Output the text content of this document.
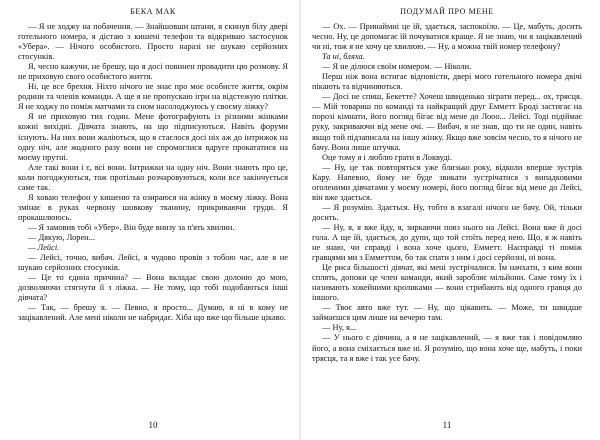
БЕКА МАК

— Я не ходжу на побачення. — Знайшовши штани, я скинув білу двері готельного номера, я дістаю з кишені телефон та відкриваю застосунок «Убера». — Нічого особистого. Просто наразі не шукаю серйозних стосунків.

Я, чесно кажучи, не брешу, що я досі повинен провадити цю розмову. Я не приховую свого особистого життя.

Ні, це все брехня. Ніхто нічого не знає про моє особисте життя, окрім родини та членів команди. А ще я не пропускаю ігри на відстежую плітки. Я не ходжу по поміж матчами та сном насолоджуюсь у своєму ліжку?

Я не приховую тих годин. Мене фотографують із різними жінками кожні вихідні. Дівчата знають, на що підписуються. Навіть форуми існують. На них вони жаліються, що я стаєлося досі ніх аж до інтрижок на одну ніч, але жодного разу вони не спромоглися вдруге прокататися на моєму прутні.

Але такі вони і є, всі вони. Інтрижки на одну ніч. Вони знають про це, коли погоджуються, тож протілько розчаровуються, коли все закінчується саме так.

Я ховаю телефон у кишеню та озираюся на жінку в моєму ліжку. Вона змінає в руках червону шовкову тканину, прикриваючи груди. Я прокашлююсь.

— Я замовив тобі «Убер». Він буде внизу за п'ять хвилин.

— Дякую, Лорен...

— Лейсі.

— Лейсі, точно, вибач. Лейсі, я чудово провів з тобою час, але я не шукаю серйозних стосунків.

— Це то єдина причина? — Вона вкладає свою долоню до мою, дозволяючи стягнути її з ліжка. — Не тому, що тобі подобаються інші дівчата?

— Так, — брешу я. — Певно, я просто... Думаю, я ні в кому не зацікавлений. Але мені ніколи не набридає. Хіба що вже що більше цікаво.

10
ПОДУМАЙ ПРО МЕНЕ

— Ох. — Принаймні це їй, здається, заспокоїло. — Це, мабуть, досить чесно. Ну, це допомагає їй почуватися краще. Я не знаю, чи я зацікавлений чи ні, тож я не хочу це хвилюю. — Ну, а можна твій номер телефону?

Та ні, бляха.

— Я не ділюся своїм номером. — Ніколи.

Перш ніж вона встигає відповісти, двері мого готельного номера двічі пікають та відчиняються.

— Досі не спиш, Бекетте? Хочеш швиденько зіграти перед... ох, трясця. — Мій товариш по команді та найкращий друг Емметт Броді застигає на порозі кімнати, його погляд бігає від мене до Лооо... Лейсі. Тоді підіймає руку, закриваючи від мене очі. — Вибач, я не знав, що ти не один, навіть якщо той підзаписала на іншу жінку. Якщо вже зовсім чесно, то я нічого не бачу. Вона лише штучка.

Оце тому я і люблю грати в Локвуді.

— Ну, це так повторяться уже близько року, відколи вперше зустрів Кару. Напевно, йому не буде звикати зустрічатися з випадковими оголеними дівчатами у моєму номері, його погляд бігає від мене до Лейсі, він вже здається.

— Я розумію. Здається. Ну, тобто в взагалі нічого не бачу. Ой, тільки досить.

— Ну, я, я вже йду, я, зиркаючи повз нього на Лейсі. Вона вже й досі гола. А ще їй, здається, до дупи, що той стоїть перед нею. Що, я ж навіть не знаю, чи справді і вона хоче цього, Емметт. Насправді ті поміж гравцями ми з Емметтом, бо так спати з ним і досі серйозні, ні вона.

Це риса більшості дівчат, які мені зустрічалися. Їм начхати, з ким вони сплять, допоки це член команди, який заробляє мільйони. Саме тому їх і називають хокейними кроликами — вони стрибають від одного гравця до іншого.

— Твоє авто вже тут. — Ну, що цікавить. — Може, ти швидше займаєшся цим лише на вечерю там.

— Ну, я...

— У нього є дівчина, а я не зацікавлений, — я вже так і повідомляю його, а вона сміхається вже ні. Я розумію, що вона хоче ще, мабуть, і поки трясця, та я вже і так усе бачу.

11
